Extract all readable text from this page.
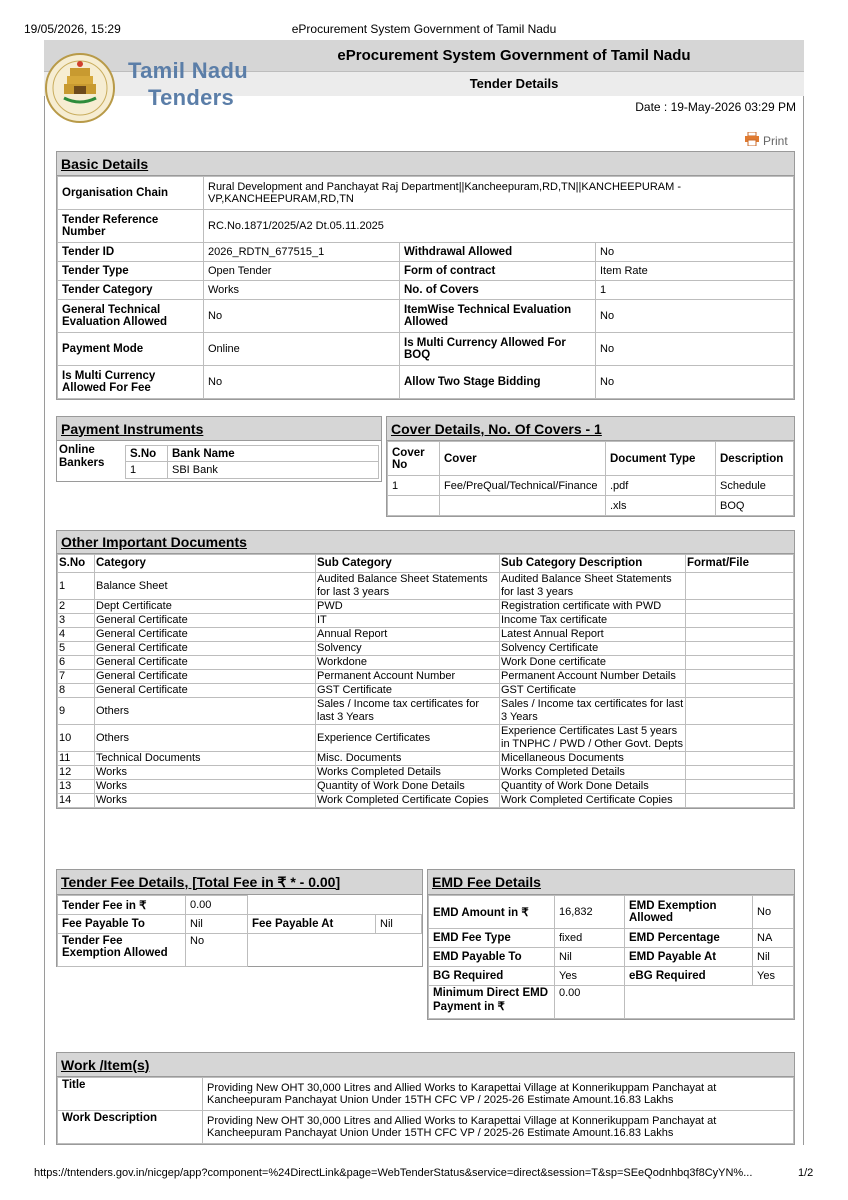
19/05/2026, 15:29	eProcurement System Government of Tamil Nadu
eProcurement System Government of Tamil Nadu
Tender Details
Tamil Nadu
Tenders	Date : 19-May-2026 03:29 PM
Print
Basic Details
Organisation Chain	Rural Development and Panchayat Raj Department||Kancheepuram,RD,TN||KANCHEEPURAM - VP,KANCHEEPURAM,RD,TN		
Tender Reference Number	RC.No.1871/2025/A2 Dt.05.11.2025		
Tender ID	2026_RDTN_677515_1	Withdrawal Allowed	No
Tender Type	Open Tender	Form of contract	Item Rate
Tender Category	Works	No. of Covers	1
General Technical Evaluation Allowed	No	ItemWise Technical Evaluation Allowed	No
Payment Mode	Online	Is Multi Currency Allowed For BOQ	No
Is Multi Currency Allowed For Fee	No	Allow Two Stage Bidding	No
Payment Instruments
Online Bankers
S.No	Bank Name
1	SBI Bank
Cover Details, No. Of Covers - 1
Cover No	Cover	Document Type	Description
1	Fee/PreQual/Technical/Finance	.pdf	Schedule
		.xls	BOQ
Other Important Documents
S.No	Category	Sub Category	Sub Category Description	Format/File
1	Balance Sheet	Audited Balance Sheet Statements for last 3 years	Audited Balance Sheet Statements for last 3 years	
2	Dept Certificate	PWD	Registration certificate with PWD	
3	General Certificate	IT	Income Tax certificate	
4	General Certificate	Annual Report	Latest Annual Report	
5	General Certificate	Solvency	Solvency Certificate	
6	General Certificate	Workdone	Work Done certificate	
7	General Certificate	Permanent Account Number	Permanent Account Number Details	
8	General Certificate	GST Certificate	GST Certificate	
9	Others	Sales / Income tax certificates for last 3 Years	Sales / Income tax certificates for last 3 Years	
10	Others	Experience Certificates	Experience Certificates Last 5 years in TNPHC / PWD / Other Govt. Depts	
11	Technical Documents	Misc. Documents	Micellaneous Documents	
12	Works	Works Completed Details	Works Completed Details	
13	Works	Quantity of Work Done Details	Quantity of Work Done Details	
14	Works	Work Completed Certificate Copies	Work Completed Certificate Copies	
Tender Fee Details, [Total Fee in ₹ * - 0.00]
Tender Fee in ₹	0.00		
Fee Payable To	Nil	Fee Payable At	Nil
Tender Fee Exemption Allowed	No		
EMD Fee Details
EMD Amount in ₹	16,832	EMD Exemption Allowed	No
EMD Fee Type	fixed	EMD Percentage	NA
EMD Payable To	Nil	EMD Payable At	Nil
BG Required	Yes	eBG Required	Yes
Minimum Direct EMD Payment in ₹	0.00		
Work /Item(s)
Title	Providing New OHT 30,000 Litres and Allied Works to Karapettai Village at Konnerikuppam Panchayat at Kancheepuram Panchayat Union Under 15TH CFC VP / 2025-26 Estimate Amount.16.83 Lakhs
Work Description	Providing New OHT 30,000 Litres and Allied Works to Karapettai Village at Konnerikuppam Panchayat at Kancheepuram Panchayat Union Under 15TH CFC VP / 2025-26 Estimate Amount.16.83 Lakhs
https://tntenders.gov.in/nicgep/app?component=%24DirectLink&page=WebTenderStatus&service=direct&session=T&sp=SEeQodnhbq3f8CyYN%...	1/2
